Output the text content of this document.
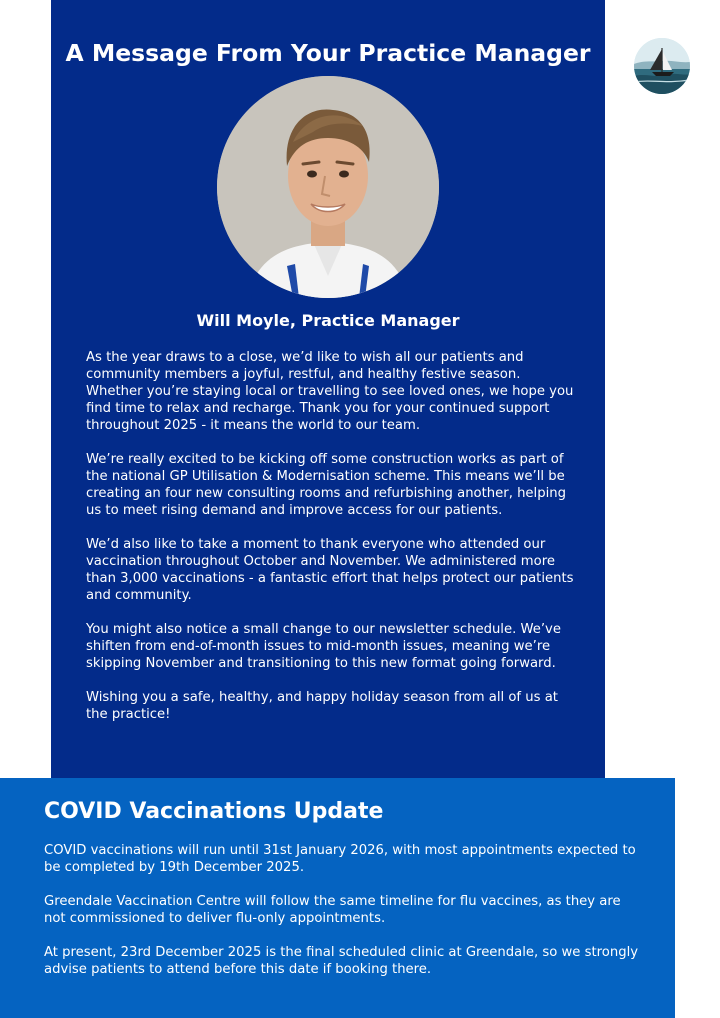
A Message From Your Practice Manager
Will Moyle, Practice Manager

As the year draws to a close, we’d like to wish all our patients and community members a joyful, restful, and healthy festive season. Whether you’re staying local or travelling to see loved ones, we hope you find time to relax and recharge. Thank you for your continued support throughout 2025 - it means the world to our team.

We’re really excited to be kicking off some construction works as part of the national GP Utilisation & Modernisation scheme. This means we’ll be creating an four new consulting rooms and refurbishing another, helping us to meet rising demand and improve access for our patients.

We’d also like to take a moment to thank everyone who attended our vaccination throughout October and November. We administered more than 3,000 vaccinations - a fantastic effort that helps protect our patients and community.

You might also notice a small change to our newsletter schedule. We’ve shiften from end-of-month issues to mid-month issues, meaning we’re skipping November and transitioning to this new format going forward.

Wishing you a safe, healthy, and happy holiday season from all of us at the practice!

COVID Vaccinations Update

COVID vaccinations will run until 31st January 2026, with most appointments expected to be completed by 19th December 2025.

Greendale Vaccination Centre will follow the same timeline for flu vaccines, as they are not commissioned to deliver flu-only appointments.

At present, 23rd December 2025 is the final scheduled clinic at Greendale, so we strongly advise patients to attend before this date if booking there.
